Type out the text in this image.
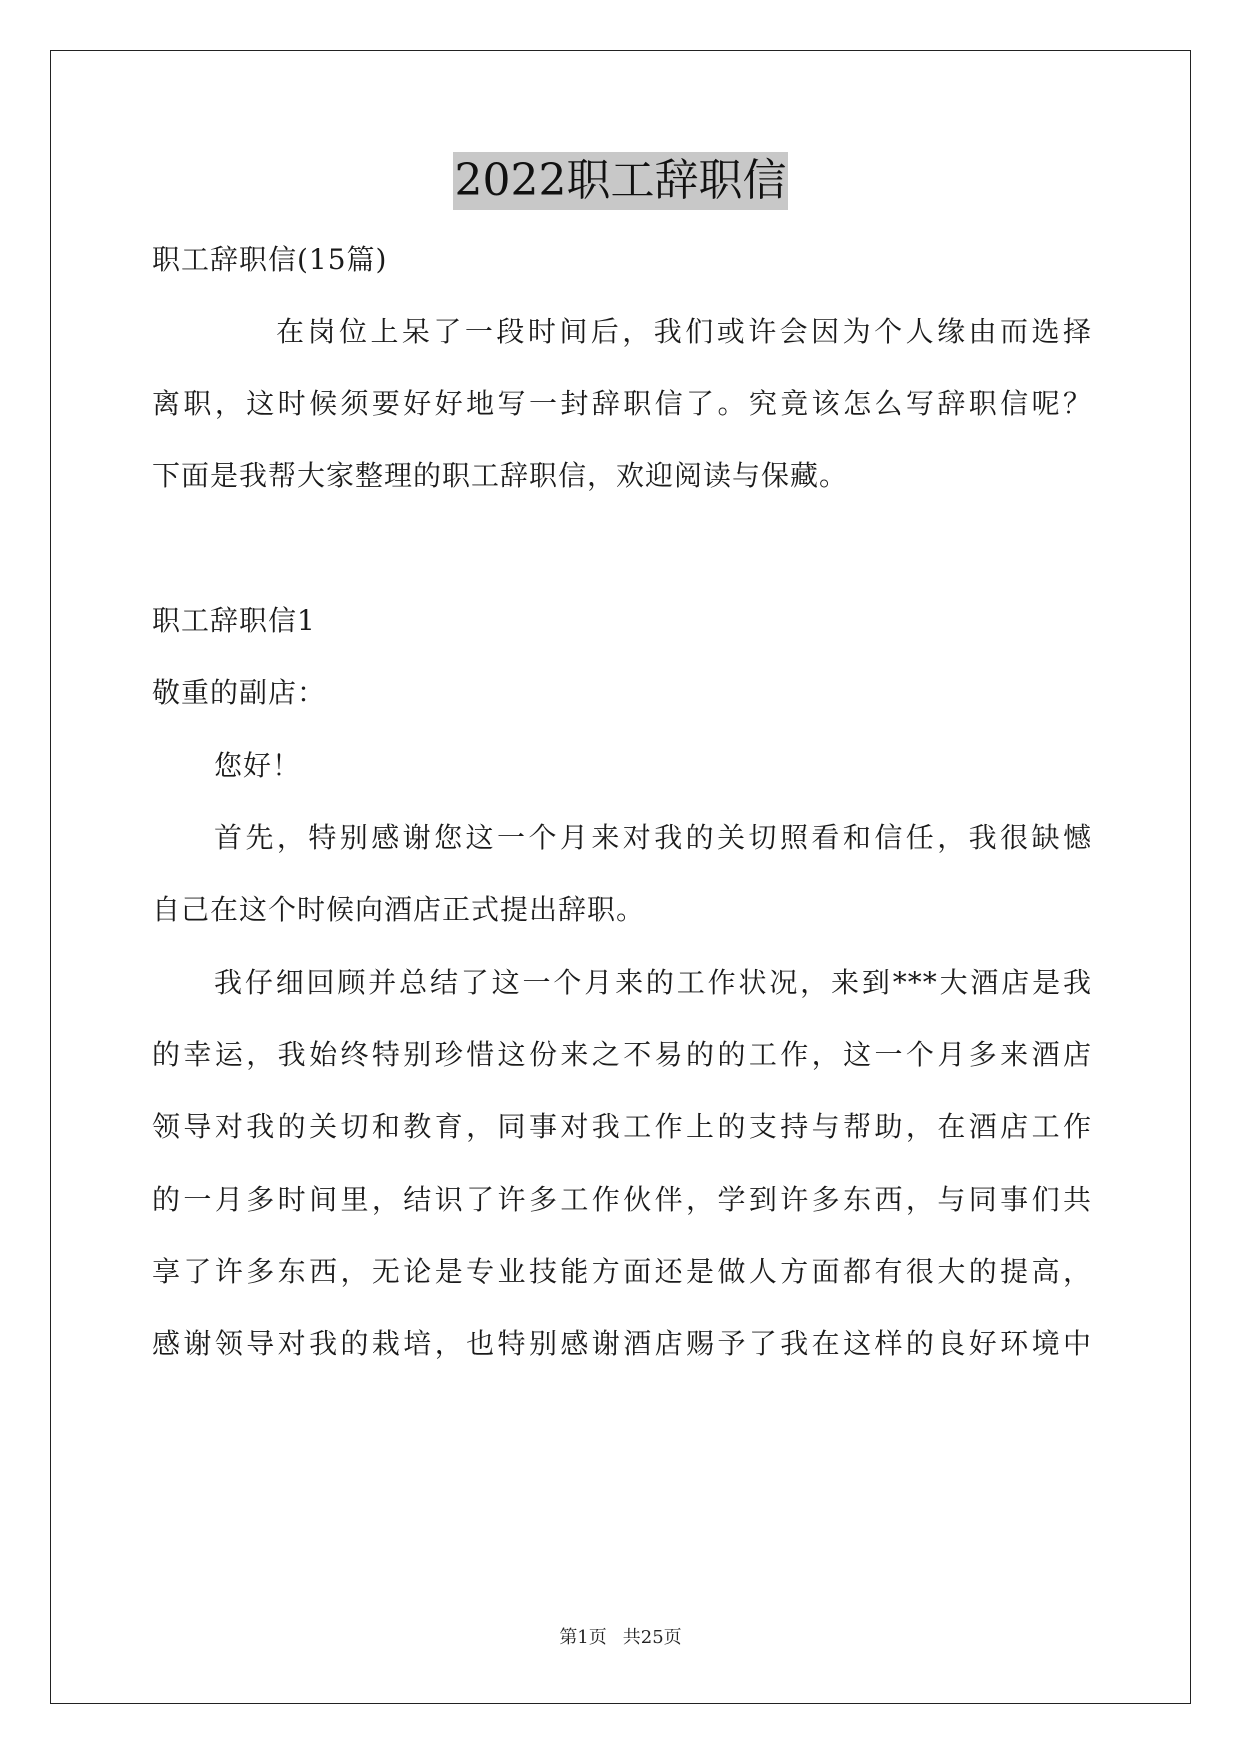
2022职工辞职信
职工辞职信(15篇)
在岗位上呆了一段时间后，我们或许会因为个人缘由而选择
离职，这时候须要好好地写一封辞职信了。究竟该怎么写辞职信呢？
下面是我帮大家整理的职工辞职信，欢迎阅读与保藏。
职工辞职信1
敬重的副店：
您好！
首先，特别感谢您这一个月来对我的关切照看和信任，我很缺憾
自己在这个时候向酒店正式提出辞职。
我仔细回顾并总结了这一个月来的工作状况，来到***大酒店是我
的幸运，我始终特别珍惜这份来之不易的的工作，这一个月多来酒店
领导对我的关切和教育，同事对我工作上的支持与帮助，在酒店工作
的一月多时间里，结识了许多工作伙伴，学到许多东西，与同事们共
享了许多东西，无论是专业技能方面还是做人方面都有很大的提高，
感谢领导对我的栽培，也特别感谢酒店赐予了我在这样的良好环境中
第1页 共25页
